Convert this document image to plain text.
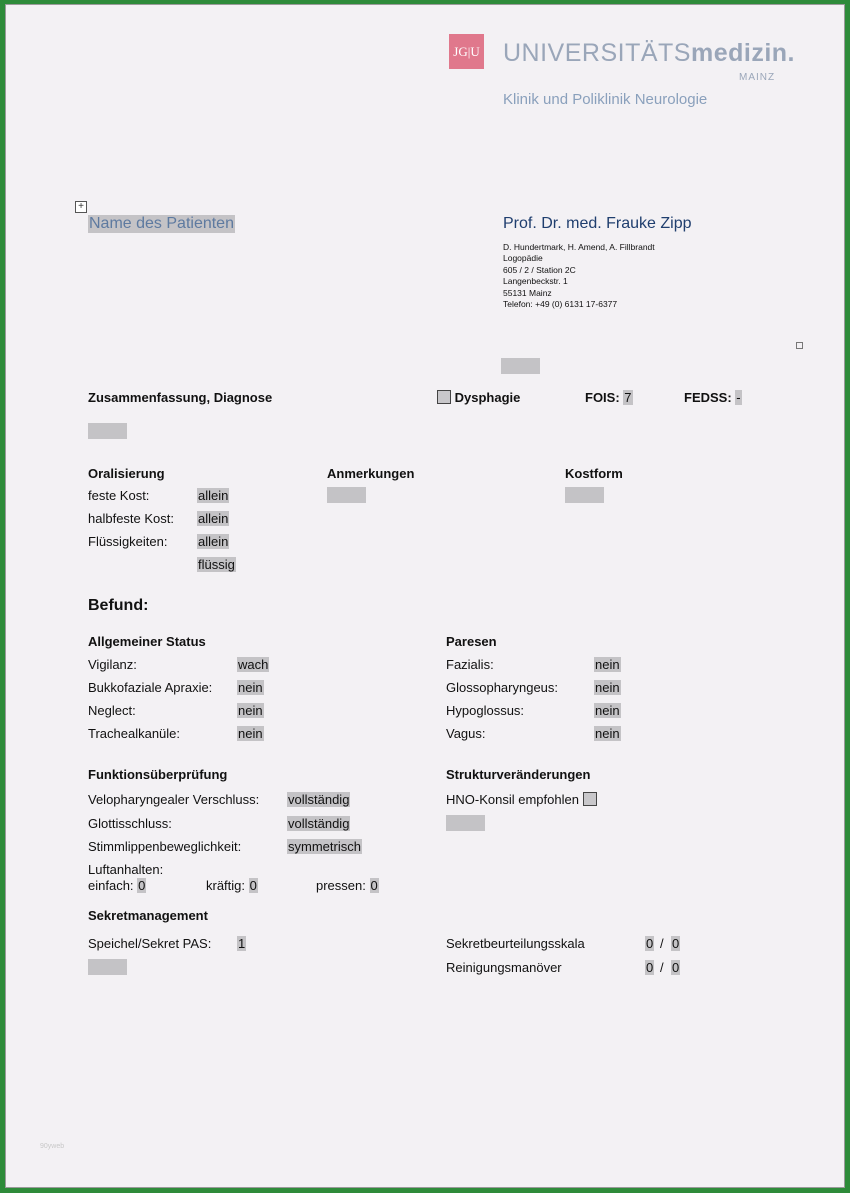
JG|U UNIVERSITÄTSmedizin.
MAINZ
Klinik und Poliklinik Neurologie
+
Name des Patienten	Prof. Dr. med. Frauke Zipp
D. Hundertmark, H. Amend, A. Fillbrandt
Logopädie
605 / 2 / Station 2C
Langenbeckstr. 1
55131 Mainz
Telefon: +49 (0) 6131 17-6377
Zusammenfassung, Diagnose	Dysphagie	FOIS: 7	FEDSS: -
Oralisierung	Anmerkungen	Kostform
feste Kost:	allein
halbfeste Kost: allein
Flüssigkeiten: allein
flüssig
Befund:
Allgemeiner Status
Vigilanz:	wach
Bukkofaziale Apraxie: nein
Neglect:	nein
Trachealkanüle:	nein
Paresen
Fazialis:	nein
Glossopharyngeus:	nein
Hypoglossus:	nein
Vagus:	nein
Funktionsüberprüfung
Velopharyngealer Verschluss: vollständig
Glottisschluss:	vollständig
Stimmlippenbeweglichkeit:	symmetrisch
Luftanhalten:
einfach: 0	kräftig: 0	pressen: 0
Strukturveränderungen
HNO-Konsil empfohlen
Sekretmanagement
Speichel/Sekret PAS: 1	Sekretbeurteilungsskala	0 / 0
Reinigungsmanöver	0 / 0
90yweb
